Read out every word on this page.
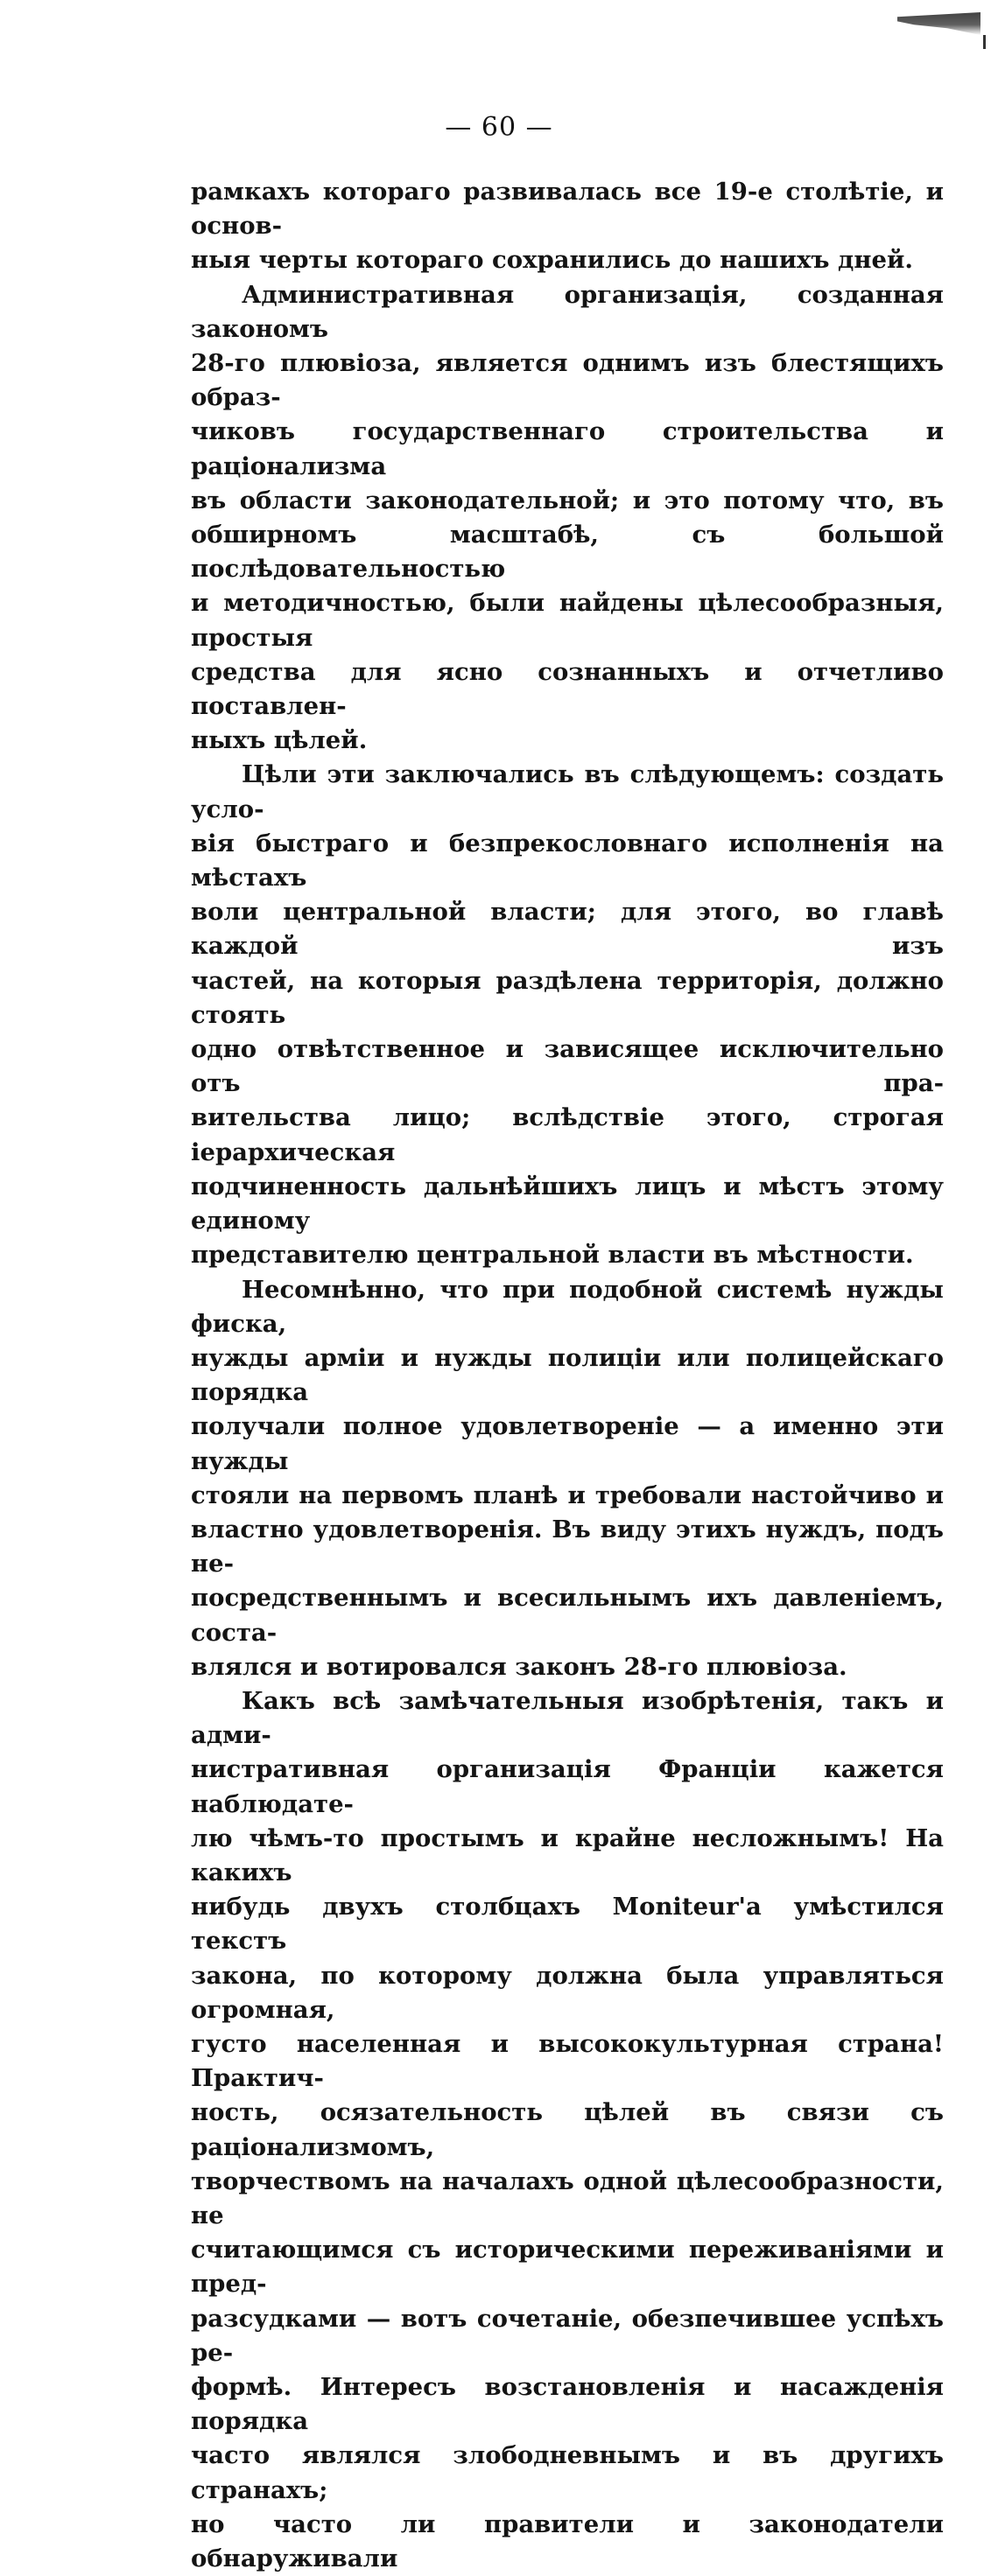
— 60 —

рамкахъ котораго развивалась все 19-е столѣтіе, и основ-

ныя черты котораго сохранились до нашихъ дней.

Административная организація, созданная закономъ

28-го плювіоза, является однимъ изъ блестящихъ образ-

чиковъ государственнаго строительства и раціонализма

въ области законодательной; и это потому что, въ

обширномъ масштабѣ, съ большой послѣдовательностью

и методичностью, были найдены цѣлесообразныя, простыя

средства для ясно сознанныхъ и отчетливо поставлен-

ныхъ цѣлей.

Цѣли эти заключались въ слѣдующемъ: создать усло-

вія быстраго и безпрекословнаго исполненія на мѣстахъ

воли центральной власти; для этого, во главѣ каждой изъ

частей, на которыя раздѣлена территорія, должно стоять

одно отвѣтственное и зависящее исключительно отъ пра-

вительства лицо; вслѣдствіе этого, строгая іерархическая

подчиненность дальнѣйшихъ лицъ и мѣстъ этому единому

представителю центральной власти въ мѣстности.

Несомнѣнно, что при подобной системѣ нужды фиска,

нужды арміи и нужды полиціи или полицейскаго порядка

получали полное удовлетвореніе — а именно эти нужды

стояли на первомъ планѣ и требовали настойчиво и

властно удовлетворенія. Въ виду этихъ нуждъ, подъ не-

посредственнымъ и всесильнымъ ихъ давленіемъ, соста-

влялся и вотировался законъ 28-го плювіоза.

Какъ всѣ замѣчательныя изобрѣтенія, такъ и адми-

нистративная организація Франціи кажется наблюдате-

лю чѣмъ-то простымъ и крайне несложнымъ! На какихъ

нибудь двухъ столбцахъ Moniteur'a умѣстился текстъ

закона, по которому должна была управляться огромная,

густо населенная и высококультурная страна! Практич-

ность, осязательность цѣлей въ связи съ раціонализмомъ,

творчествомъ на началахъ одной цѣлесообразности, не

считающимся съ историческими переживаніями и пред-

разсудками — вотъ сочетаніе, обезпечившее успѣхъ ре-

формѣ. Интересъ возстановленія и насажденія порядка

часто являлся злободневнымъ и въ другихъ странахъ;

но часто ли правители и законодатели обнаруживали
